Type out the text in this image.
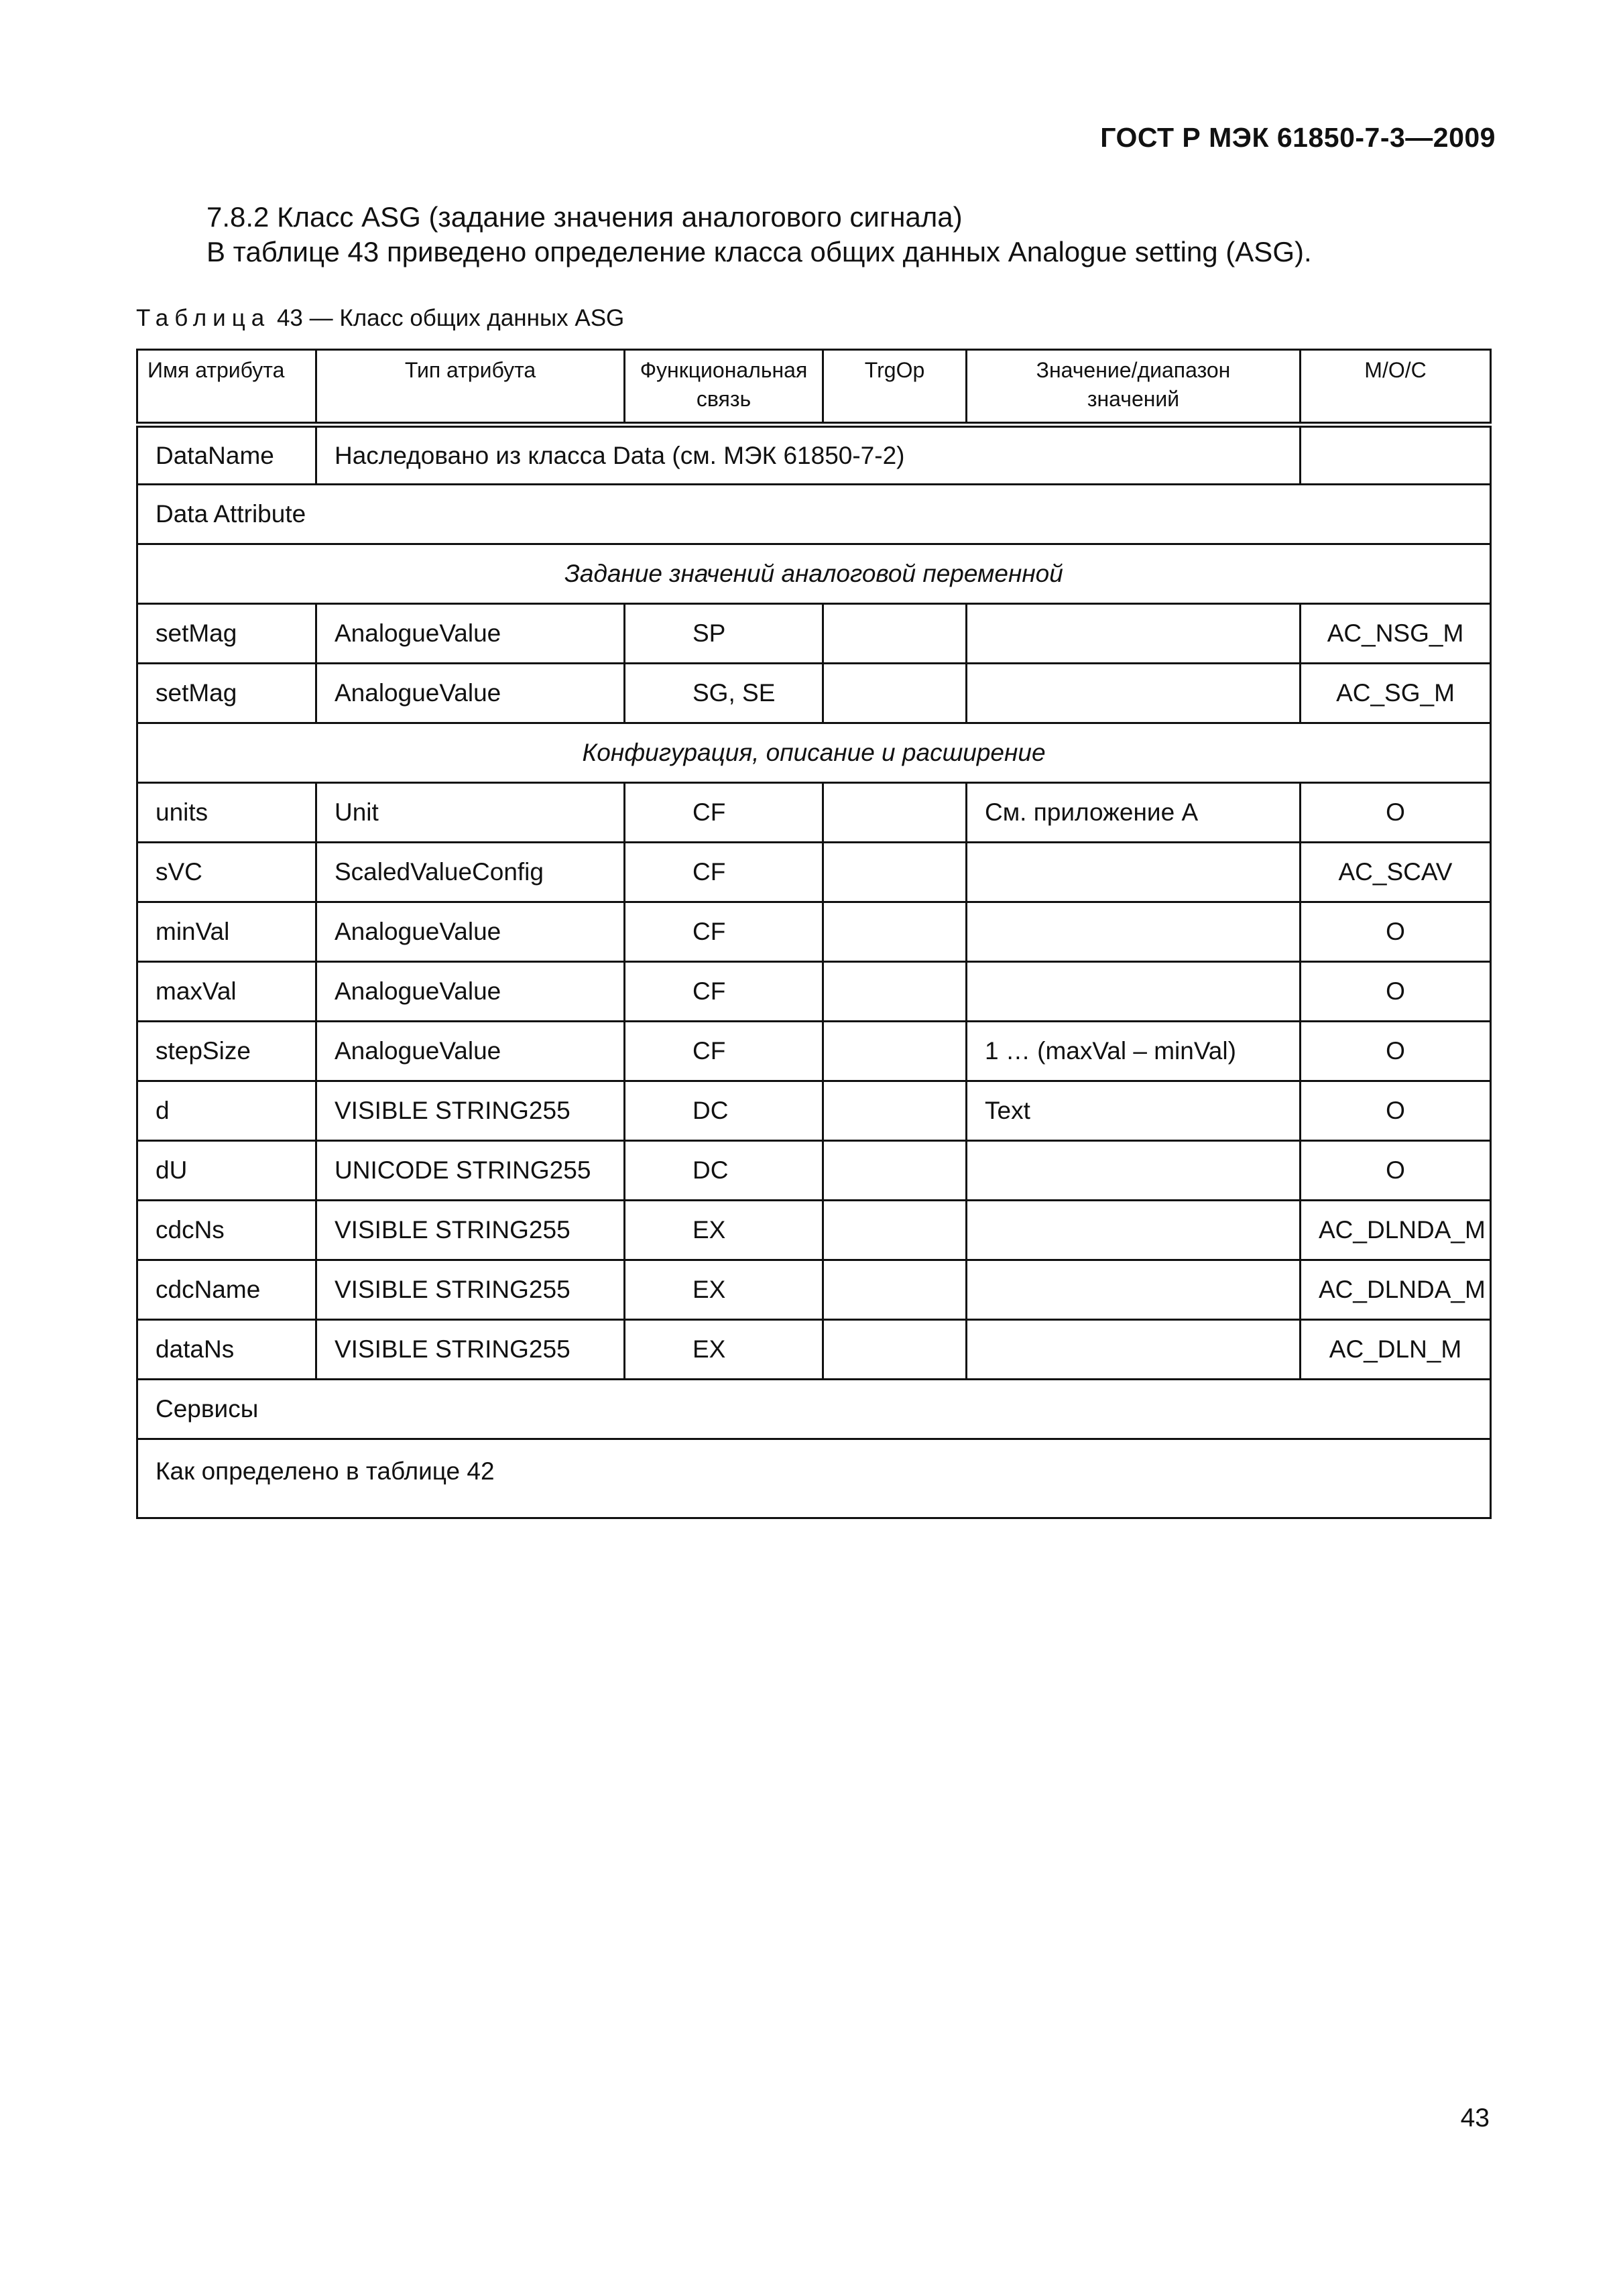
ГОСТ Р МЭК 61850-7-3—2009
7.8.2 Класс ASG (задание значения аналогового сигнала)
В таблице 43 приведено определение класса общих данных Analogue setting (ASG).
Таблица 43 — Класс общих данных ASG
Имя атрибута	Тип атрибута	Функциональная связь	TrgOp	Значение/диапазон значений	M/O/C
DataName	Наследовано из класса Data (см. МЭК 61850-7-2)				
Data Attribute					
Задание значений аналоговой переменной					
setMag	AnalogueValue	SP			AC_NSG_M
setMag	AnalogueValue	SG, SE			AC_SG_M
Конфигурация, описание и расширение					
units	Unit	CF		См. приложение А	O
sVC	ScaledValueConfig	CF			AC_SCAV
minVal	AnalogueValue	CF			O
maxVal	AnalogueValue	CF			O
stepSize	AnalogueValue	CF		1 … (maxVal – minVal)	O
d	VISIBLE STRING255	DC		Text	O
dU	UNICODE STRING255	DC			O
cdcNs	VISIBLE STRING255	EX			AC_DLNDA_M
cdcName	VISIBLE STRING255	EX			AC_DLNDA_M
dataNs	VISIBLE STRING255	EX			AC_DLN_M
Сервисы					
Как определено в таблице 42					
43
